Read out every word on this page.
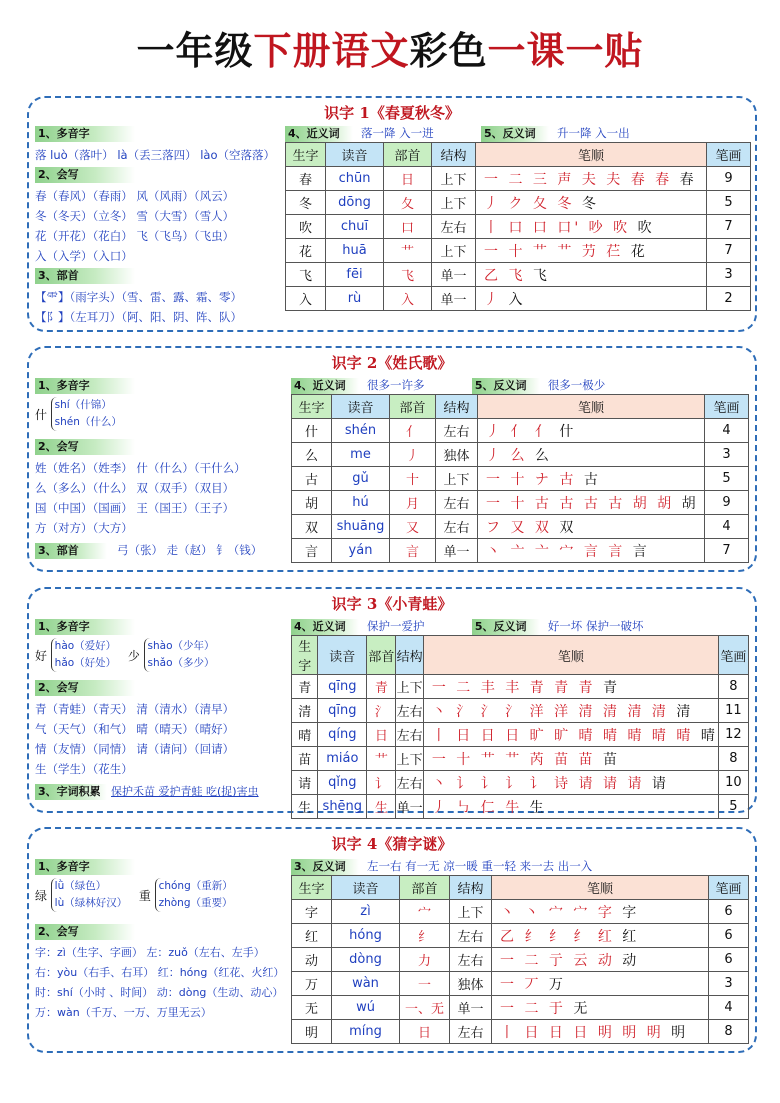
一年级下册语文彩色一课一贴
识字 1《春夏秋冬》
1、多音字
落 luò（落叶） là（丢三落四） lào（空落落）
2、会写
春（春风）（春雨） 风（风雨）（风云）
冬（冬天）（立冬） 雪（大雪）（雪人）
花（开花）（花白） 飞（飞鸟）（飞虫）
入（入学）（入口）
3、部首
【⻗】（雨字头）（雪、雷、露、霜、零）
【阝】（左耳刀）（阿、阳、阴、阵、队）
4、近义词 落一降 入一进	5、反义词 升一降 入一出
生字	读音	部首	结构	笔顺	笔画
春	chūn	日	上下	一 二 三 声 夫 夫 春 春 春	9
冬	dōng	夂	上下	丿 ク 夂 冬 冬	5
吹	chuī	口	左右	丨 口 口 口' 吵 吹 吹	7
花	huā	艹	上下	一 十 艹 艹 芀 芢 花	7
飞	fēi	飞	单一	乙 飞 飞	3
入	rù	入	单一	丿 入	2
识字 2《姓氏歌》
1、多音字
什 shí（什锦）
shén（什么）
2、会写
姓（姓名）（姓李） 什（什么）（干什么）
么（多么）（什么） 双（双手）（双目）
国（中国）（国画） 王（国王）（王子）
方（对方）（大方）
3、部首	弓（张） 走（赵） 钅（钱）
4、近义词 很多一许多	5、反义词 很多一极少
生字	读音	部首	结构	笔顺	笔画
什	shén	亻	左右	丿 亻 亻 什	4
么	me	丿	独体	丿 么 么	3
古	gǔ	十	上下	一 十 ナ 古 古	5
胡	hú	月	左右	一 十 古 古 古 古 胡 胡 胡	9
双	shuāng	又	左右	フ 又 双 双	4
言	yán	言	单一	丶 亠 亠 宀 言 言 言	7
识字 3《小青蛙》
1、多音字
好 hào（爱好）
hǎo（好处） 少 shào（少年）
shǎo（多少）
2、会写
青（青蛙）（青天） 清（清水）（清早）
气（天气）（和气） 晴（晴天）（晴好）
情（友情）（同情） 请（请问）（回请）
生（学生）（花生）
3、字词积累 保护禾苗 爱护青蛙 吃(捉)害虫
4、近义词 保护一爱护	5、反义词 好一坏 保护一破坏
生字	读音	部首	结构	笔顺	笔画
青	qīng	青	上下	一 二 丰 丰 青 青 青 青	8
清	qīng	氵	左右	丶 氵 氵 氵 洋 洋 清 清 清 清 清	11
晴	qíng	日	左右	丨 日 日 日 旷 旷 晴 晴 晴 晴 晴 晴	12
苗	miáo	艹	上下	一 十 艹 艹 芮 苗 苗 苗	8
请	qǐng	讠	左右	丶 讠 讠 讠 讠 诗 请 请 请 请	10
生	shēng	生	单一	丿 ㇉ 仁 牛 生	5
识字 4《猜字谜》
1、多音字
绿 lǜ（绿色）
lù（绿林好汉） 重 chóng（重新）
zhòng（重要）
2、会写
字：zì（生字、字画） 左：zuǒ（左右、左手）
右：yòu（右手、右耳） 红：hóng（红花、火红）
时：shí（小时 、时间） 动：dòng（生动、动心）
万：wàn（千万、一万、万里无云）
3、反义词 左一右 有一无 凉一暖 重一轻 来一去 出一入
生字	读音	部首	结构	笔顺	笔画
字	zì	宀	上下	丶 丶 宀 宀 字 字	6
红	hóng	纟	左右	乙 纟 纟 纟 红 红	6
动	dòng	力	左右	一 二 亍 云 动 动	6
万	wàn	一	独体	一 丆 万	3
无	wú	一、无	单一	一 二 于 无	4
明	míng	日	左右	丨 日 日 日 明 明 明 明	8
